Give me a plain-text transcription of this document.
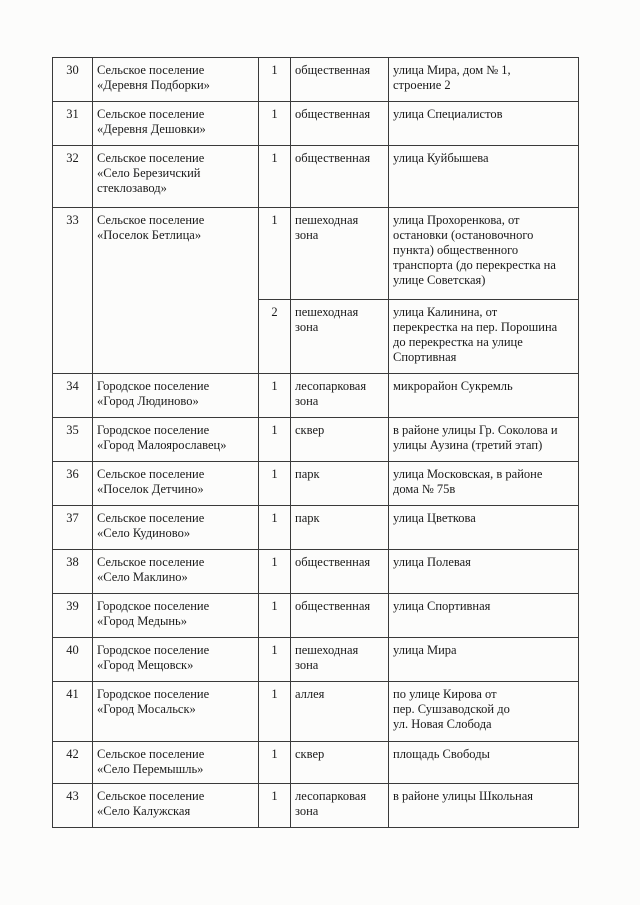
30	Сельское поселение
«Деревня Подборки»	1	общественная	улица Мира, дом № 1,
строение 2

31	Сельское поселение
«Деревня Дешовки»	1	общественная	улица Специалистов

32	Сельское поселение
«Село Березичский
стеклозавод»	1	общественная	улица Куйбышева

33	Сельское поселение
«Поселок Бетлица»	1	пешеходная
зона	улица Прохоренкова, от
остановки (остановочного
пункта) общественного
транспорта (до перекрестка на
улице Советская)

		2	пешеходная
зона	улица Калинина, от
перекрестка на пер. Порошина
до перекрестка на улице
Спортивная

34	Городское поселение
«Город Людиново»	1	лесопарковая
зона	микрорайон Сукремль

35	Городское поселение
«Город Малоярославец»	1	сквер	в районе улицы Гр. Соколова и
улицы Аузина (третий этап)

36	Сельское поселение
«Поселок Детчино»	1	парк	улица Московская, в районе
дома № 75в

37	Сельское поселение
«Село Кудиново»	1	парк	улица Цветкова

38	Сельское поселение
«Село Маклино»	1	общественная	улица Полевая

39	Городское поселение
«Город Медынь»	1	общественная	улица Спортивная

40	Городское поселение
«Город Мещовск»	1	пешеходная
зона	улица Мира

41	Городское поселение
«Город Мосальск»	1	аллея	по улице Кирова от
пер. Сушзаводской до
ул. Новая Слобода

42	Сельское поселение
«Село Перемышль»	1	сквер	площадь Свободы

43	Сельское поселение
«Село Калужская	1	лесопарковая
зона	в районе улицы Школьная
